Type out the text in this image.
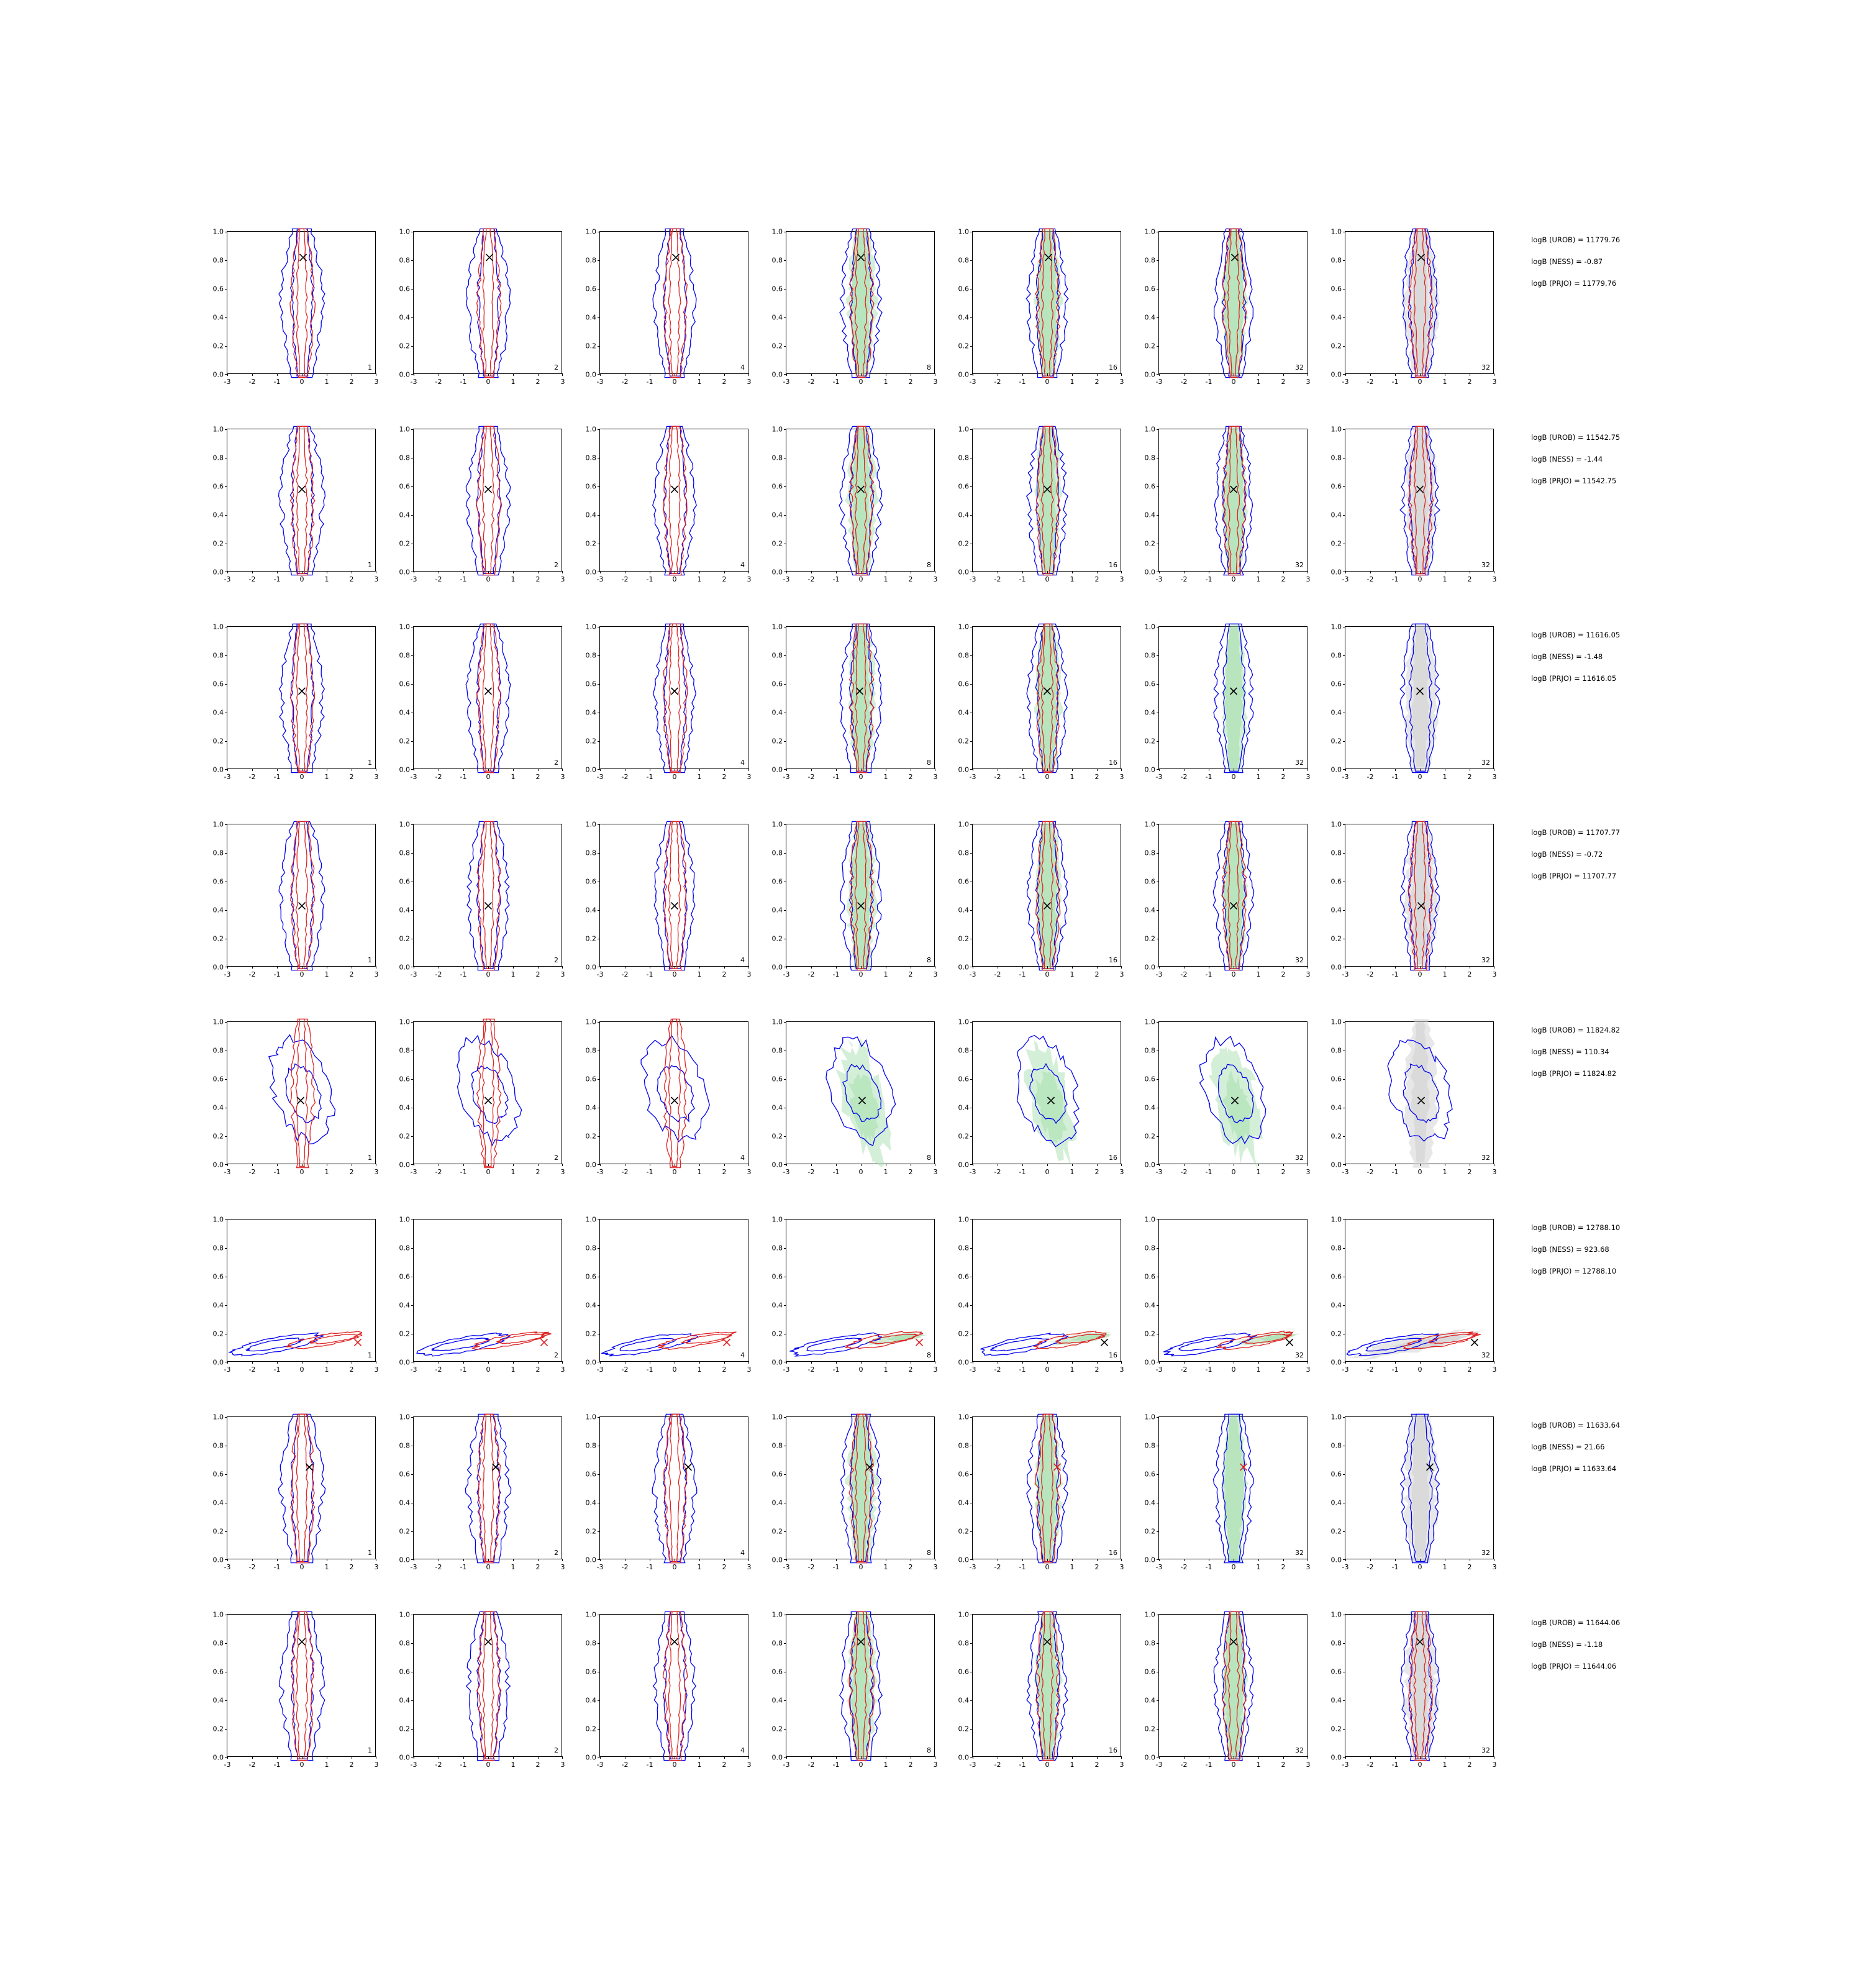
0.0
0.2
0.4
0.6
0.8
1.0
-3	-2	-1	0	1	2	3
1
0.0
0.2
0.4
0.6
0.8
1.0
-3	-2	-1	0	1	2	3
2
0.0
0.2
0.4
0.6
0.8
1.0
-3	-2	-1	0	1	2	3
4
0.0
0.2
0.4
0.6
0.8
1.0
-3	-2	-1	0	1	2	3
8
0.0
0.2
0.4
0.6
0.8
1.0
-3	-2	-1	0	1	2	3
16
0.0
0.2
0.4
0.6
0.8
1.0
-3	-2	-1	0	1	2	3
32
0.0
0.2
0.4
0.6
0.8
1.0
-3	-2	-1	0	1	2	3
32
logB (UROB) = 11779.76
logB (NESS) = -0.87
logB (PRJO) = 11779.76
0.0
0.2
0.4
0.6
0.8
1.0
-3	-2	-1	0	1	2	3
1
0.0
0.2
0.4
0.6
0.8
1.0
-3	-2	-1	0	1	2	3
2
0.0
0.2
0.4
0.6
0.8
1.0
-3	-2	-1	0	1	2	3
4
0.0
0.2
0.4
0.6
0.8
1.0
-3	-2	-1	0	1	2	3
8
0.0
0.2
0.4
0.6
0.8
1.0
-3	-2	-1	0	1	2	3
16
0.0
0.2
0.4
0.6
0.8
1.0
-3	-2	-1	0	1	2	3
32
0.0
0.2
0.4
0.6
0.8
1.0
-3	-2	-1	0	1	2	3
32
logB (UROB) = 11542.75
logB (NESS) = -1.44
logB (PRJO) = 11542.75
0.0
0.2
0.4
0.6
0.8
1.0
-3	-2	-1	0	1	2	3
1
0.0
0.2
0.4
0.6
0.8
1.0
-3	-2	-1	0	1	2	3
2
0.0
0.2
0.4
0.6
0.8
1.0
-3	-2	-1	0	1	2	3
4
0.0
0.2
0.4
0.6
0.8
1.0
-3	-2	-1	0	1	2	3
8
0.0
0.2
0.4
0.6
0.8
1.0
-3	-2	-1	0	1	2	3
16
0.0
0.2
0.4
0.6
0.8
1.0
-3	-2	-1	0	1	2	3
32
0.0
0.2
0.4
0.6
0.8
1.0
-3	-2	-1	0	1	2	3
32
logB (UROB) = 11616.05
logB (NESS) = -1.48
logB (PRJO) = 11616.05
0.0
0.2
0.4
0.6
0.8
1.0
-3	-2	-1	0	1	2	3
1
0.0
0.2
0.4
0.6
0.8
1.0
-3	-2	-1	0	1	2	3
2
0.0
0.2
0.4
0.6
0.8
1.0
-3	-2	-1	0	1	2	3
4
0.0
0.2
0.4
0.6
0.8
1.0
-3	-2	-1	0	1	2	3
8
0.0
0.2
0.4
0.6
0.8
1.0
-3	-2	-1	0	1	2	3
16
0.0
0.2
0.4
0.6
0.8
1.0
-3	-2	-1	0	1	2	3
32
0.0
0.2
0.4
0.6
0.8
1.0
-3	-2	-1	0	1	2	3
32
logB (UROB) = 11707.77
logB (NESS) = -0.72
logB (PRJO) = 11707.77
0.0
0.2
0.4
0.6
0.8
1.0
-3	-2	-1	0	1	2	3
1
0.0
0.2
0.4
0.6
0.8
1.0
-3	-2	-1	0	1	2	3
2
0.0
0.2
0.4
0.6
0.8
1.0
-3	-2	-1	0	1	2	3
4
0.0
0.2
0.4
0.6
0.8
1.0
-3	-2	-1	0	1	2	3
8
0.0
0.2
0.4
0.6
0.8
1.0
-3	-2	-1	0	1	2	3
16
0.0
0.2
0.4
0.6
0.8
1.0
-3	-2	-1	0	1	2	3
32
0.0
0.2
0.4
0.6
0.8
1.0
-3	-2	-1	0	1	2	3
32
logB (UROB) = 11824.82
logB (NESS) = 110.34
logB (PRJO) = 11824.82
0.0
0.2
0.4
0.6
0.8
1.0
-3	-2	-1	0	1	2	3
1
0.0
0.2
0.4
0.6
0.8
1.0
-3	-2	-1	0	1	2	3
2
0.0
0.2
0.4
0.6
0.8
1.0
-3	-2	-1	0	1	2	3
4
0.0
0.2
0.4
0.6
0.8
1.0
-3	-2	-1	0	1	2	3
8
0.0
0.2
0.4
0.6
0.8
1.0
-3	-2	-1	0	1	2	3
16
0.0
0.2
0.4
0.6
0.8
1.0
-3	-2	-1	0	1	2	3
32
0.0
0.2
0.4
0.6
0.8
1.0
-3	-2	-1	0	1	2	3
32
logB (UROB) = 12788.10
logB (NESS) = 923.68
logB (PRJO) = 12788.10
0.0
0.2
0.4
0.6
0.8
1.0
-3	-2	-1	0	1	2	3
1
0.0
0.2
0.4
0.6
0.8
1.0
-3	-2	-1	0	1	2	3
2
0.0
0.2
0.4
0.6
0.8
1.0
-3	-2	-1	0	1	2	3
4
0.0
0.2
0.4
0.6
0.8
1.0
-3	-2	-1	0	1	2	3
8
0.0
0.2
0.4
0.6
0.8
1.0
-3	-2	-1	0	1	2	3
16
0.0
0.2
0.4
0.6
0.8
1.0
-3	-2	-1	0	1	2	3
32
0.0
0.2
0.4
0.6
0.8
1.0
-3	-2	-1	0	1	2	3
32
logB (UROB) = 11633.64
logB (NESS) = 21.66
logB (PRJO) = 11633.64
0.0
0.2
0.4
0.6
0.8
1.0
-3	-2	-1	0	1	2	3
1
0.0
0.2
0.4
0.6
0.8
1.0
-3	-2	-1	0	1	2	3
2
0.0
0.2
0.4
0.6
0.8
1.0
-3	-2	-1	0	1	2	3
4
0.0
0.2
0.4
0.6
0.8
1.0
-3	-2	-1	0	1	2	3
8
0.0
0.2
0.4
0.6
0.8
1.0
-3	-2	-1	0	1	2	3
16
0.0
0.2
0.4
0.6
0.8
1.0
-3	-2	-1	0	1	2	3
32
0.0
0.2
0.4
0.6
0.8
1.0
-3	-2	-1	0	1	2	3
32
logB (UROB) = 11644.06
logB (NESS) = -1.18
logB (PRJO) = 11644.06
